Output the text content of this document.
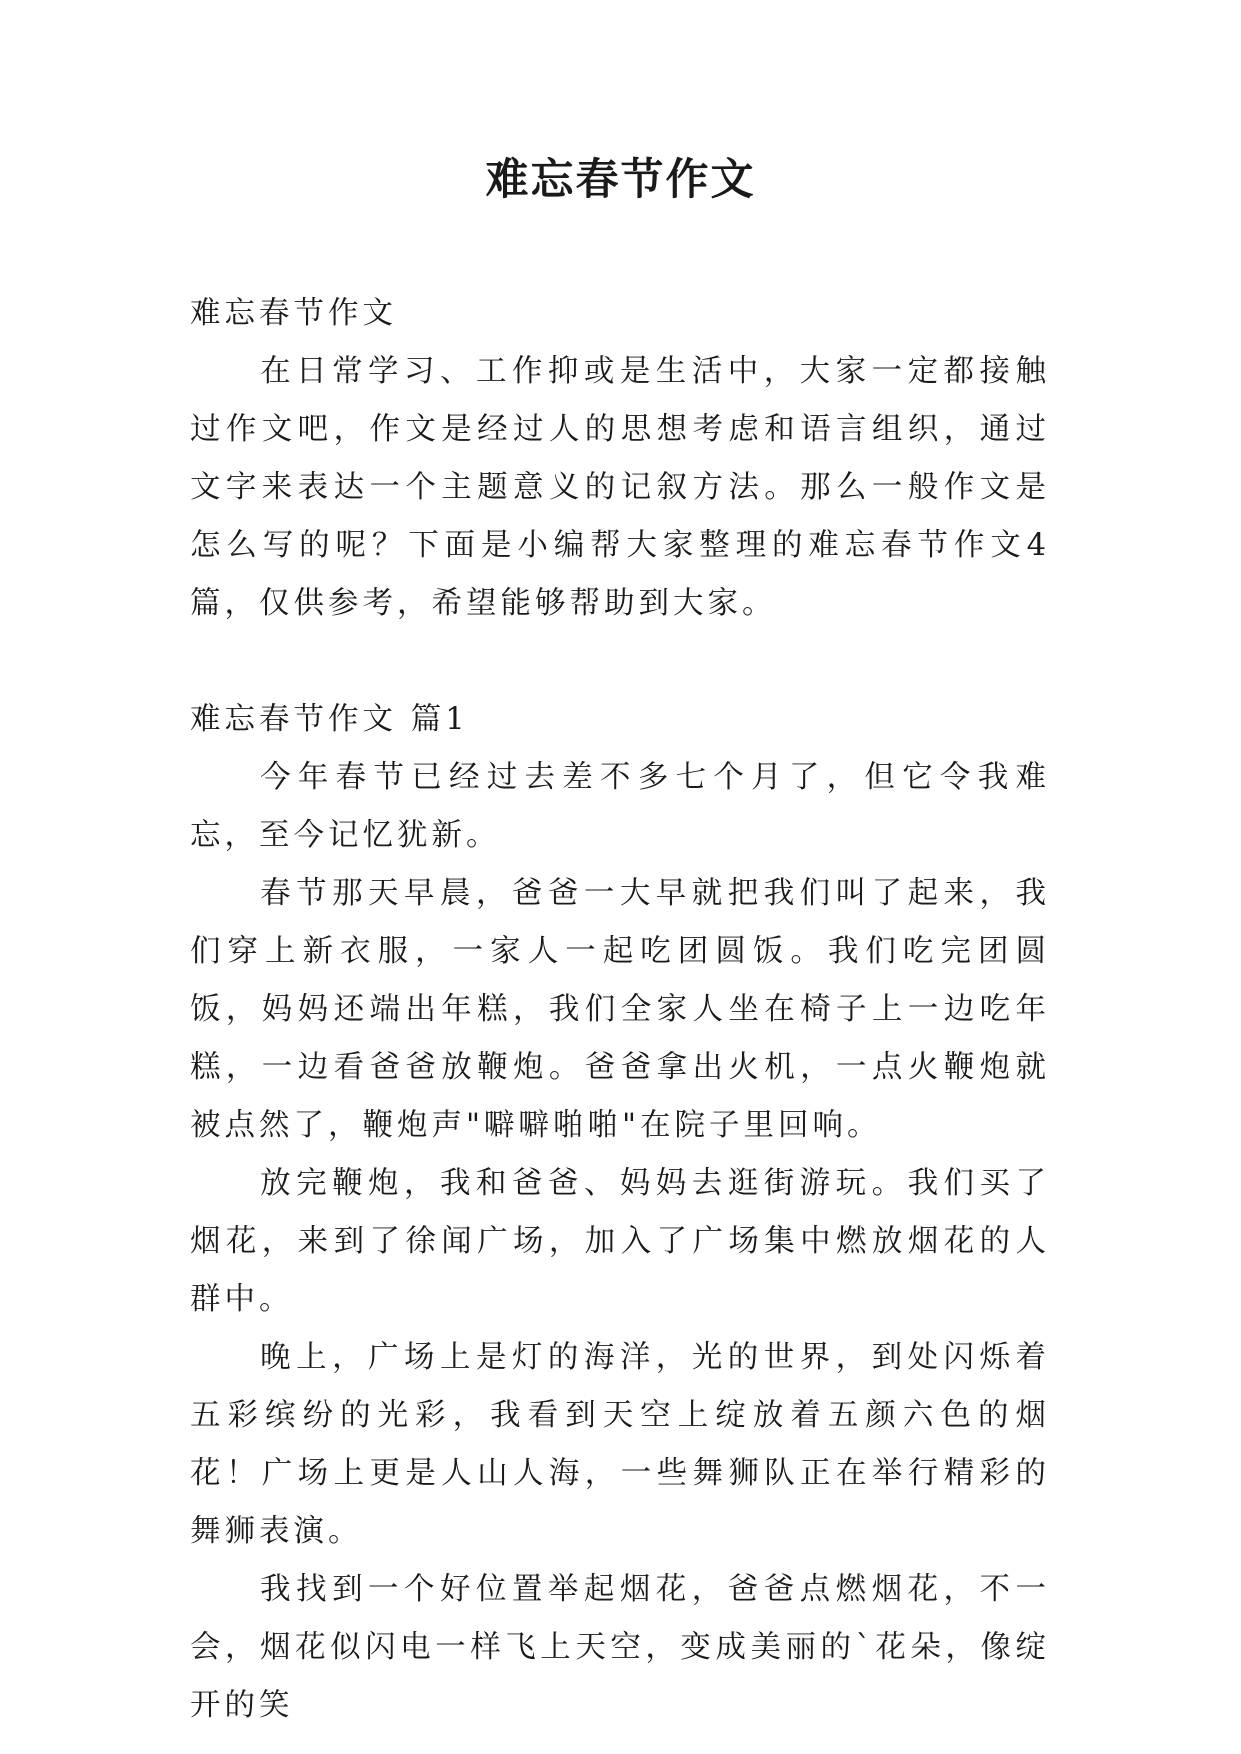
难忘春节作文

难忘春节作文

在日常学习、工作抑或是生活中，大家一定都接触过作文吧，作文是经过人的思想考虑和语言组织，通过文字来表达一个主题意义的记叙方法。那么一般作文是怎么写的呢？下面是小编帮大家整理的难忘春节作文4篇，仅供参考，希望能够帮助到大家。

难忘春节作文 篇1

今年春节已经过去差不多七个月了，但它令我难忘，至今记忆犹新。

春节那天早晨，爸爸一大早就把我们叫了起来，我们穿上新衣服，一家人一起吃团圆饭。我们吃完团圆饭，妈妈还端出年糕，我们全家人坐在椅子上一边吃年糕，一边看爸爸放鞭炮。爸爸拿出火机，一点火鞭炮就被点然了，鞭炮声"噼噼啪啪"在院子里回响。

放完鞭炮，我和爸爸、妈妈去逛街游玩。我们买了烟花，来到了徐闻广场，加入了广场集中燃放烟花的人群中。

晚上，广场上是灯的海洋，光的世界，到处闪烁着五彩缤纷的光彩，我看到天空上绽放着五颜六色的烟花！广场上更是人山人海，一些舞狮队正在举行精彩的舞狮表演。

我找到一个好位置举起烟花，爸爸点燃烟花，不一会，烟花似闪电一样飞上天空，变成美丽的`花朵，像绽开的笑
